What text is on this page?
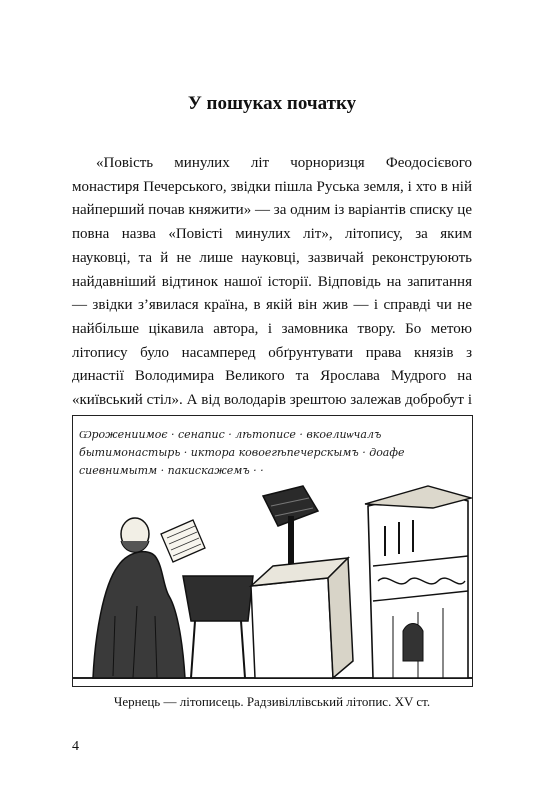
У пошуках початку

«Повість минулих літ чорноризця Феодосієвого монастиря Печерського, звідки пішла Руська земля, і хто в ній найперший почав княжити» — за одним із варіантів списку це повна назва «Повісті минулих літ», літопису, за яким науковці, та й не лише науковці, зазвичай реконструюють найдавніший відтинок нашої історії. Відповідь на запитання — звідки з’явилася країна, в якій він жив — і справді чи не найбільше цікавила автора, і замовника твору. Бо метою літопису було насамперед обґрунтувати права князів з династії Володимира Великого та Ярослава Мудрого на «київський стіл». А від володарів зрештою залежав добробут і

Ѡрожениимоє · сенапис · лѣтописе · вкоелиѡчалъ
бытимонастырь · иктора ковоегѣпечерскымъ · доафе
сиевнимытм · пакискажемъ · ·
Чернець — літописець. Радзивіллівський літопис. XV ст.
4
